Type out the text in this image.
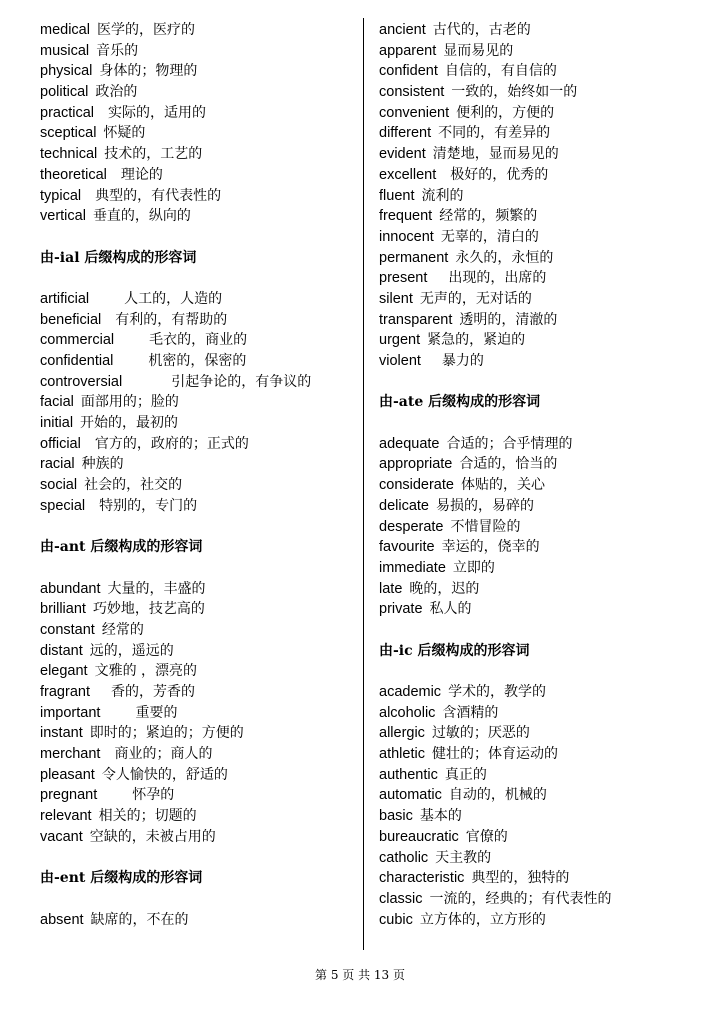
medical 医学的，医疗的
musical 音乐的
physical 身体的；物理的
political 政治的
practical 实际的，适用的
sceptical 怀疑的
technical 技术的，工艺的
theoretical 理论的
typical 典型的，有代表性的
vertical 垂直的，纵向的
由-ial 后缀构成的形容词
artificial	人工的，人造的
beneficial 有利的，有帮助的
commercial	毛衣的，商业的
confidential	机密的，保密的
controversial	引起争论的，有争议的
facial 面部用的；脸的
initial 开始的，最初的
official 官方的，政府的；正式的
racial 种族的
social 社会的，社交的
special 特别的，专门的
由-ant 后缀构成的形容词
abundant 大量的，丰盛的
brilliant 巧妙地，技艺高的
constant 经常的
distant 远的，遥远的
elegant 文雅的 ，漂亮的
fragrant 香的，芳香的
important	重要的
instant 即时的；紧迫的；方便的
merchant 商业的；商人的
pleasant 令人愉快的，舒适的
pregnant	怀孕的
relevant 相关的；切题的
vacant 空缺的，未被占用的
由-ent 后缀构成的形容词
absent 缺席的，不在的
ancient 古代的，古老的
apparent 显而易见的
confident 自信的，有自信的
consistent 一致的，始终如一的
convenient 便利的，方便的
different 不同的，有差异的
evident 清楚地，显而易见的
excellent 极好的，优秀的
fluent 流利的
frequent 经常的，频繁的
innocent 无辜的，清白的
permanent 永久的，永恒的
present 出现的，出席的
silent 无声的，无对话的
transparent 透明的，清澈的
urgent 紧急的，紧迫的
violent 暴力的
由-ate 后缀构成的形容词
adequate 合适的；合乎情理的
appropriate 合适的，恰当的
considerate 体贴的，关心
delicate 易损的，易碎的
desperate 不惜冒险的
favourite 幸运的，侥幸的
immediate 立即的
late 晚的，迟的
private 私人的
由-ic 后缀构成的形容词
academic 学术的，教学的
alcoholic 含酒精的
allergic 过敏的；厌恶的
athletic 健壮的；体育运动的
authentic 真正的
automatic 自动的，机械的
basic 基本的
bureaucratic 官僚的
catholic 天主教的
characteristic 典型的，独特的
classic 一流的，经典的；有代表性的
cubic 立方体的，立方形的
第 5 页 共 13 页
